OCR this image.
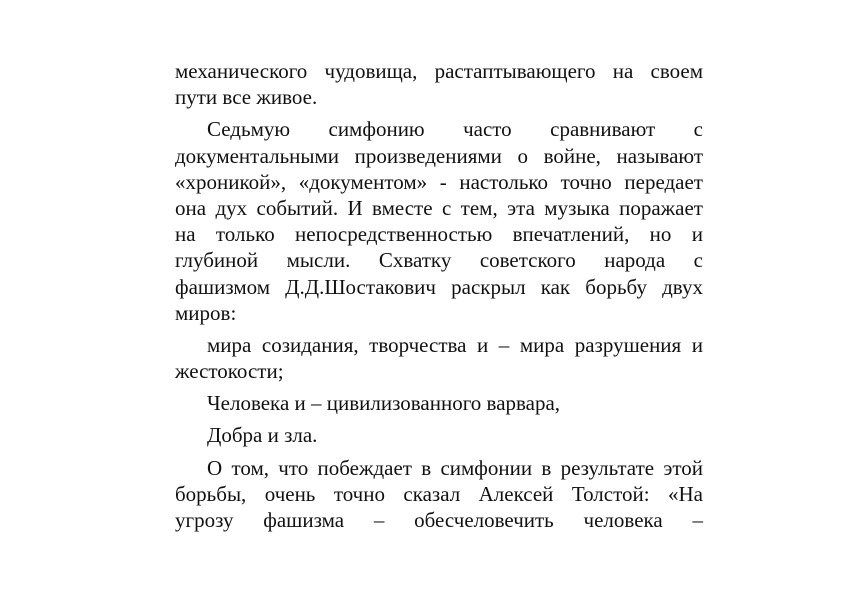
механического чудовища, растаптывающего на своем
пути все живое.
Седьмую симфонию часто сравнивают с
документальными произведениями о войне, называют
«хроникой», «документом» - настолько точно передает
она дух событий. И вместе с тем, эта музыка поражает
на только непосредственностью впечатлений, но и
глубиной мысли. Схватку советского народа с
фашизмом Д.Д.Шостакович раскрыл как борьбу двух
миров:
мира созидания, творчества и – мира разрушения и
жестокости;
Человека и – цивилизованного варвара,
Добра и зла.
О том, что побеждает в симфонии в результате этой
борьбы, очень точно сказал Алексей Толстой: «На
угрозу фашизма – обесчеловечить человека –
